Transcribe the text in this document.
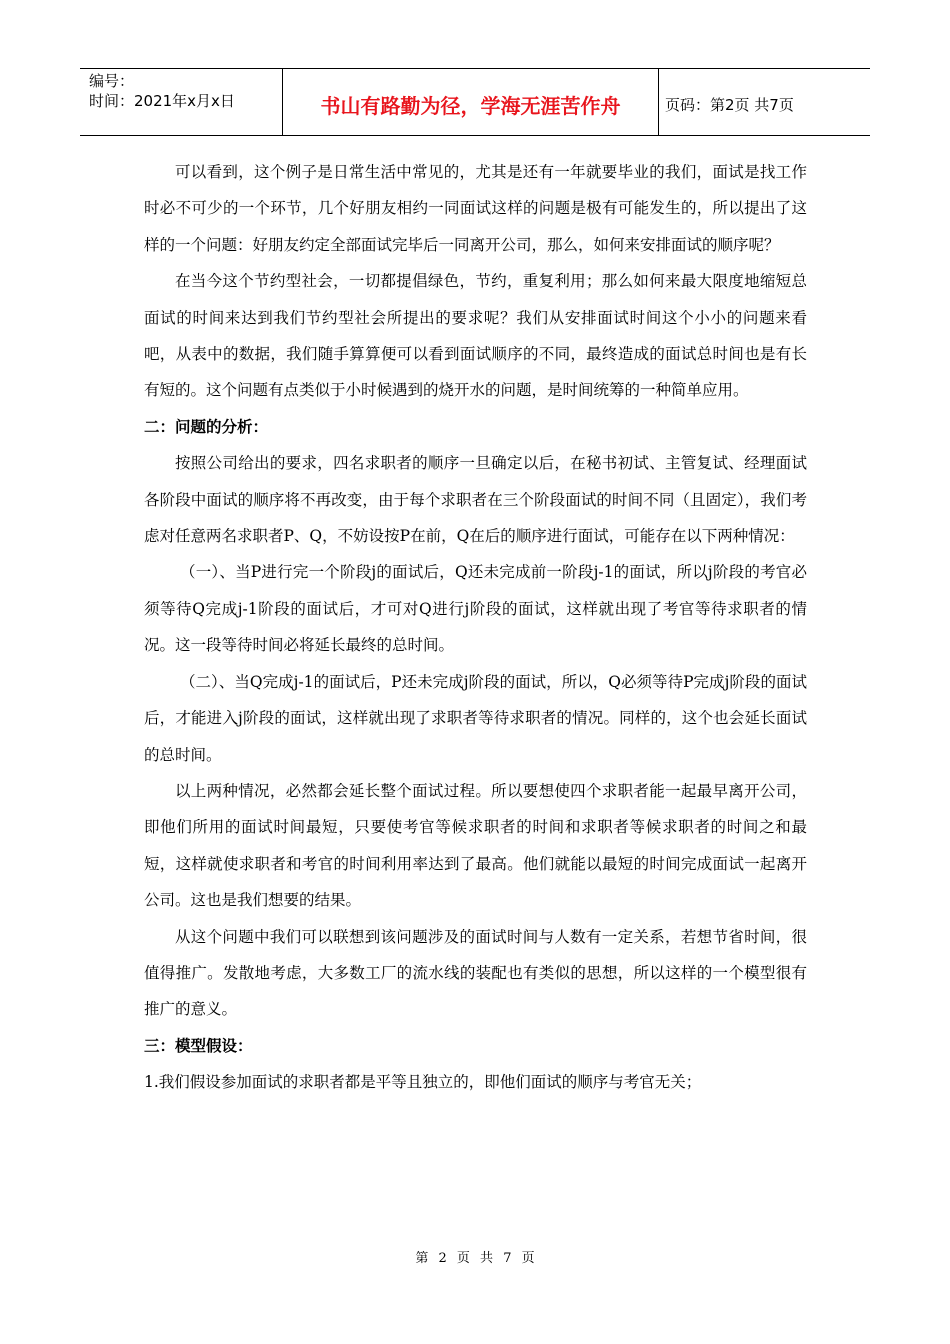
编号：
时间：2021年x月x日	书山有路勤为径，学海无涯苦作舟	页码：第2页 共7页

可以看到，这个例子是日常生活中常见的，尤其是还有一年就要毕业的我们，面试是找工作时必不可少的一个环节，几个好朋友相约一同面试这样的问题是极有可能发生的，所以提出了这样的一个问题：好朋友约定全部面试完毕后一同离开公司，那么，如何来安排面试的顺序呢？

在当今这个节约型社会，一切都提倡绿色，节约，重复利用；那么如何来最大限度地缩短总面试的时间来达到我们节约型社会所提出的要求呢？我们从安排面试时间这个小小的问题来看吧，从表中的数据，我们随手算算便可以看到面试顺序的不同，最终造成的面试总时间也是有长有短的。这个问题有点类似于小时候遇到的烧开水的问题，是时间统筹的一种简单应用。

二：问题的分析：

按照公司给出的要求，四名求职者的顺序一旦确定以后，在秘书初试、主管复试、经理面试各阶段中面试的顺序将不再改变，由于每个求职者在三个阶段面试的时间不同（且固定），我们考虑对任意两名求职者P、Q，不妨设按P在前，Q在后的顺序进行面试，可能存在以下两种情况：

（一）、当P进行完一个阶段j的面试后，Q还未完成前一阶段j-1的面试，所以j阶段的考官必须等待Q完成j-1阶段的面试后，才可对Q进行j阶段的面试，这样就出现了考官等待求职者的情况。这一段等待时间必将延长最终的总时间。

（二）、当Q完成j-1的面试后，P还未完成j阶段的面试，所以，Q必须等待P完成j阶段的面试后，才能进入j阶段的面试，这样就出现了求职者等待求职者的情况。同样的，这个也会延长面试的总时间。

以上两种情况，必然都会延长整个面试过程。所以要想使四个求职者能一起最早离开公司，即他们所用的面试时间最短，只要使考官等候求职者的时间和求职者等候求职者的时间之和最短，这样就使求职者和考官的时间利用率达到了最高。他们就能以最短的时间完成面试一起离开公司。这也是我们想要的结果。

从这个问题中我们可以联想到该问题涉及的面试时间与人数有一定关系，若想节省时间，很值得推广。发散地考虑，大多数工厂的流水线的装配也有类似的思想，所以这样的一个模型很有推广的意义。

三：模型假设：

1.我们假设参加面试的求职者都是平等且独立的，即他们面试的顺序与考官无关；

第 2 页 共 7 页
